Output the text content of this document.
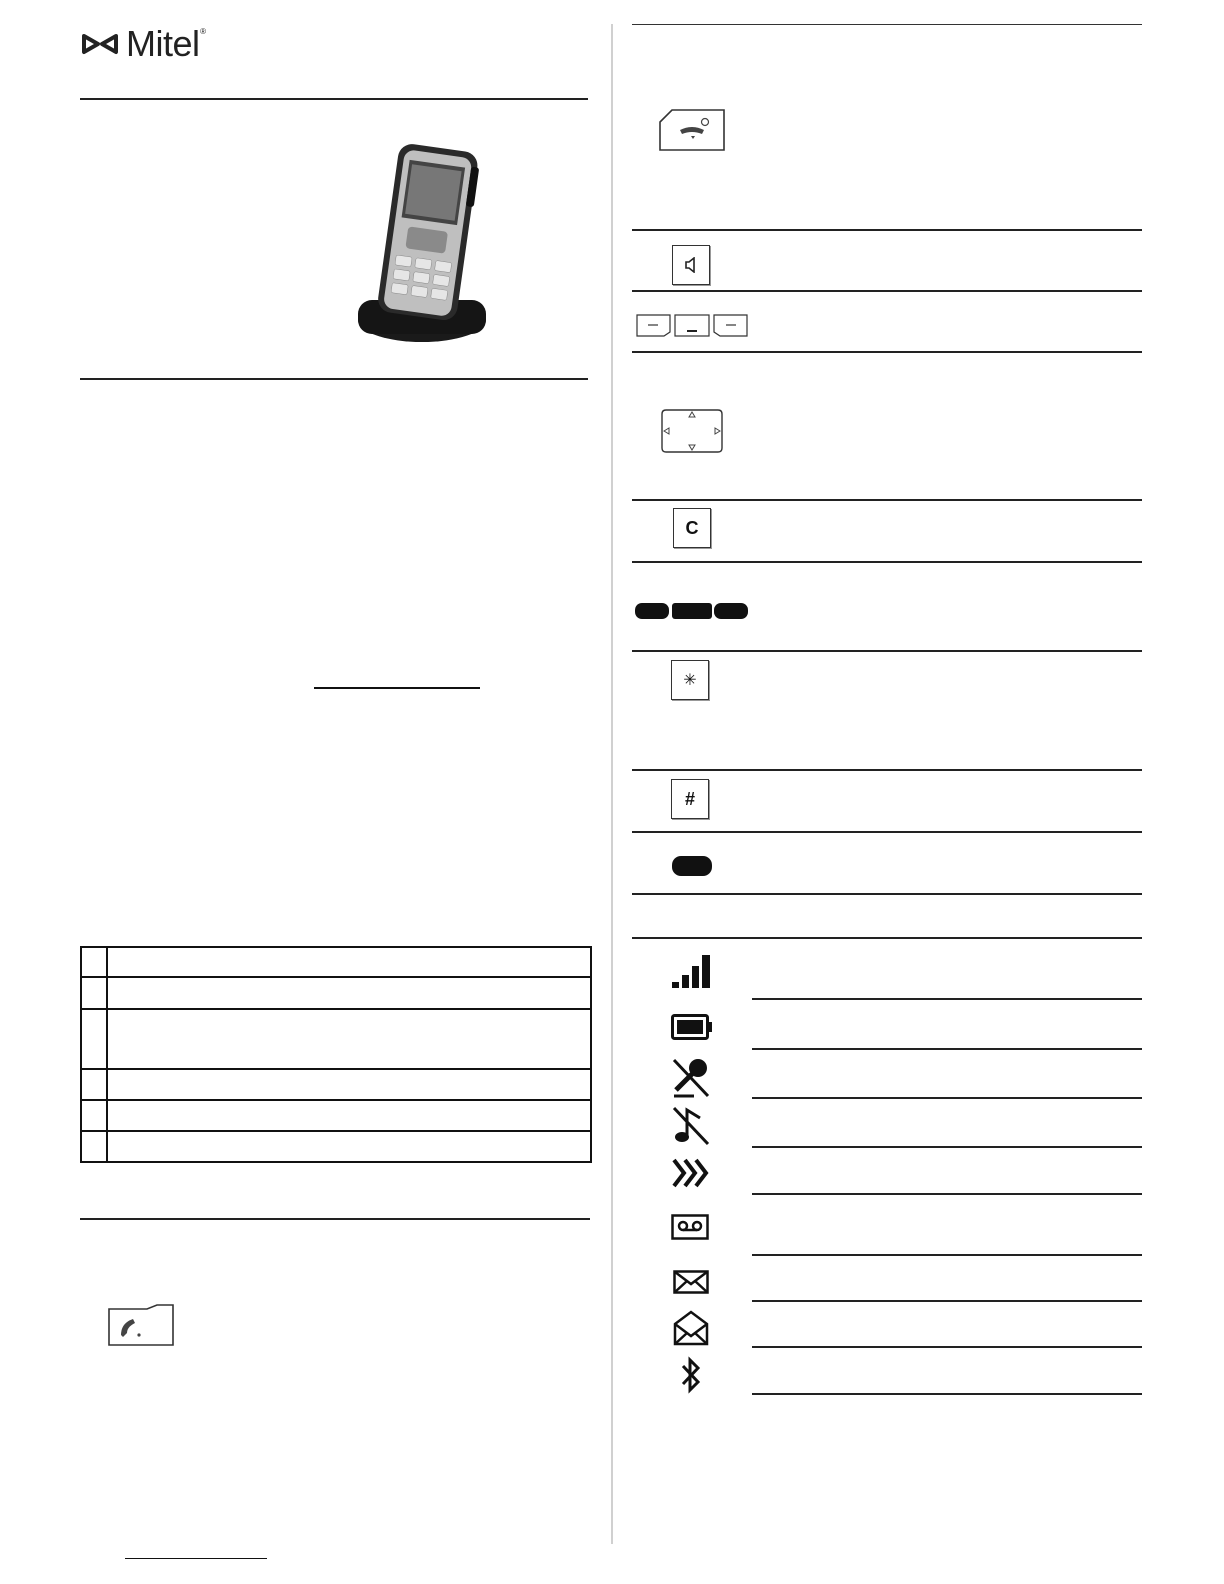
Mitel ®

C
✳
#
